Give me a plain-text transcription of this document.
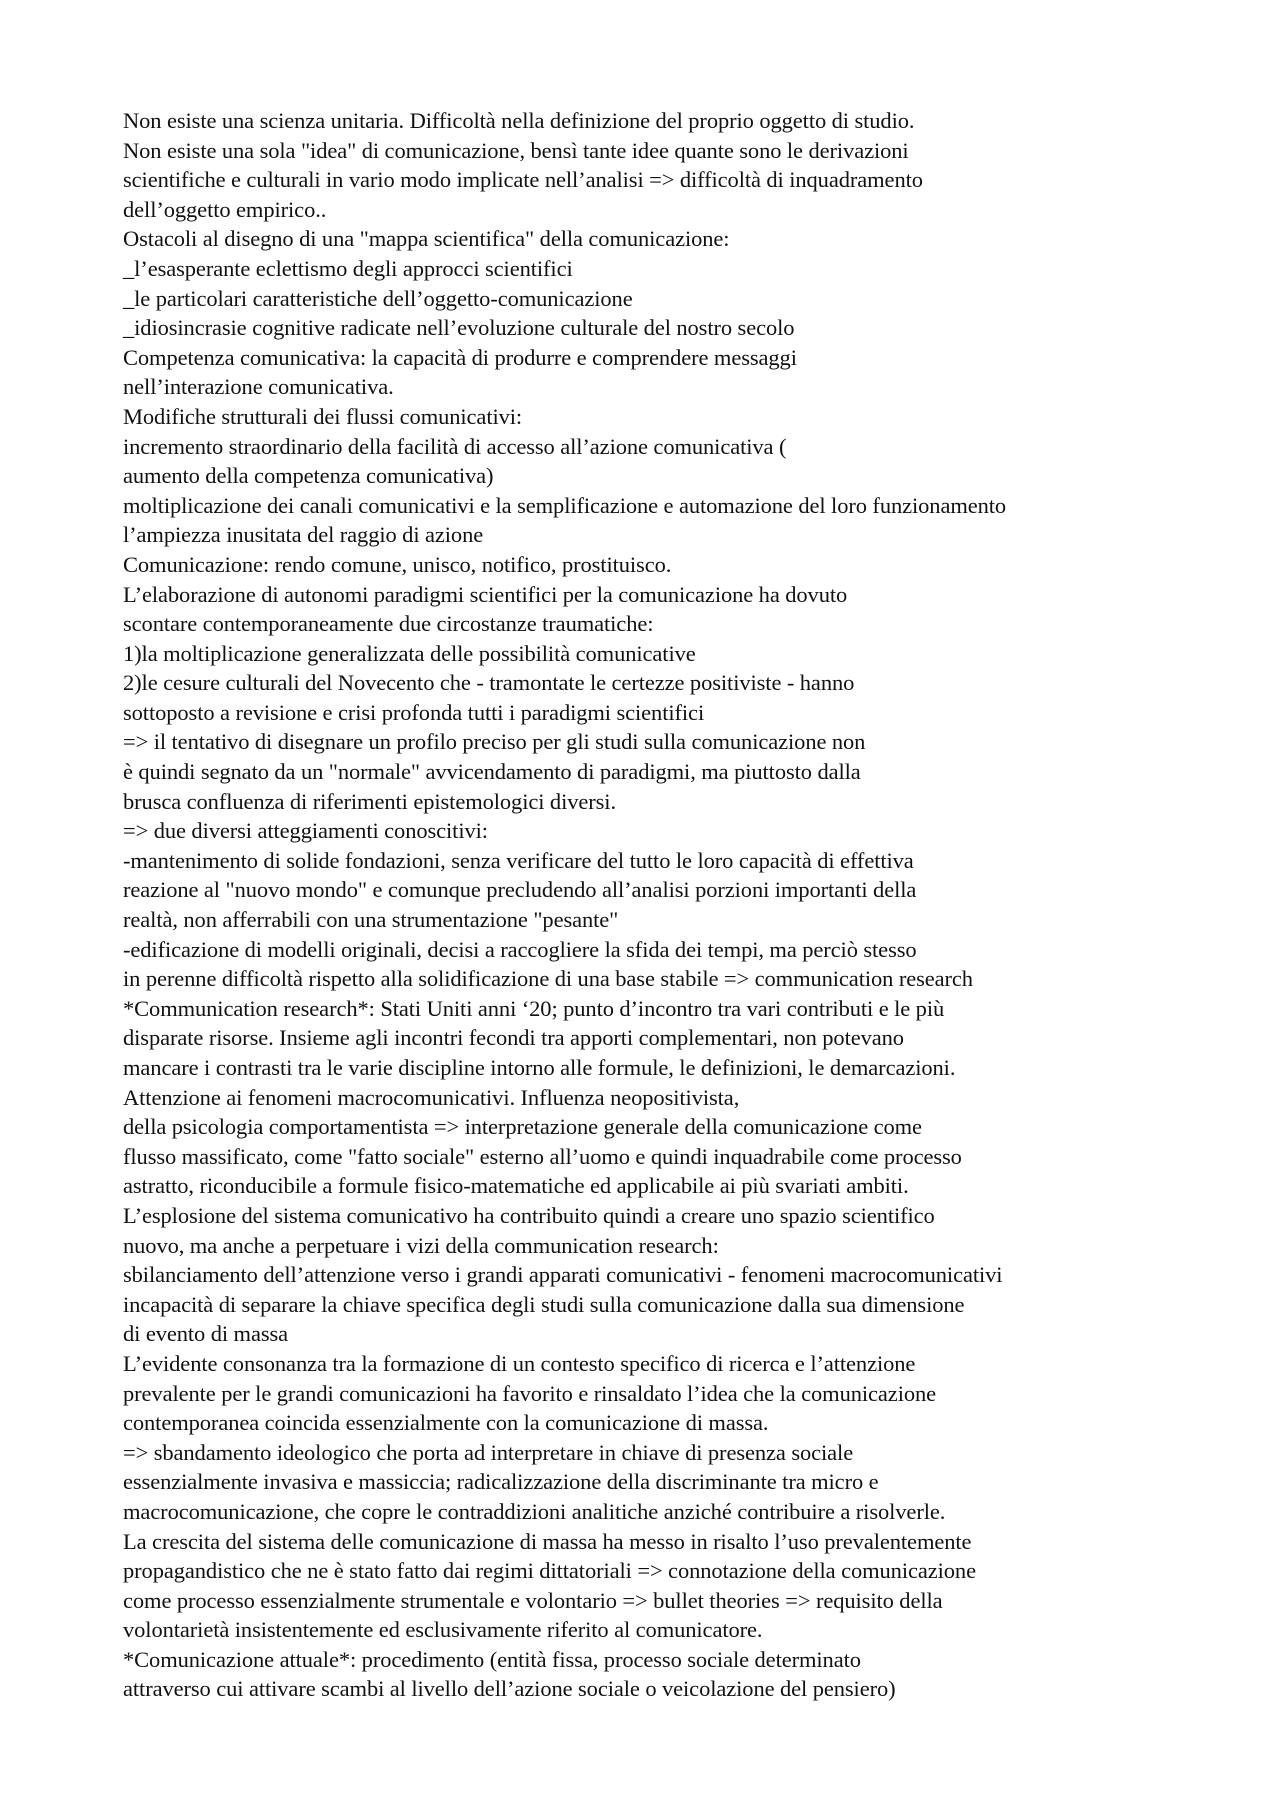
Non esiste una scienza unitaria. Difficoltà nella definizione del proprio oggetto di studio.
Non esiste una sola "idea" di comunicazione, bensì tante idee quante sono le derivazioni
scientifiche e culturali in vario modo implicate nell’analisi => difficoltà di inquadramento
dell’oggetto empirico..
Ostacoli al disegno di una "mappa scientifica" della comunicazione:
_l’esasperante eclettismo degli approcci scientifici
_le particolari caratteristiche dell’oggetto-comunicazione
_idiosincrasie cognitive radicate nell’evoluzione culturale del nostro secolo
Competenza comunicativa: la capacità di produrre e comprendere messaggi
nell’interazione comunicativa.
Modifiche strutturali dei flussi comunicativi:
incremento straordinario della facilità di accesso all’azione comunicativa (
aumento della competenza comunicativa)
moltiplicazione dei canali comunicativi e la semplificazione e automazione del loro funzionamento
l’ampiezza inusitata del raggio di azione
Comunicazione: rendo comune, unisco, notifico, prostituisco.
L’elaborazione di autonomi paradigmi scientifici per la comunicazione ha dovuto
scontare contemporaneamente due circostanze traumatiche:
1)la moltiplicazione generalizzata delle possibilità comunicative
2)le cesure culturali del Novecento che - tramontate le certezze positiviste - hanno
sottoposto a revisione e crisi profonda tutti i paradigmi scientifici
=> il tentativo di disegnare un profilo preciso per gli studi sulla comunicazione non
è quindi segnato da un "normale" avvicendamento di paradigmi, ma piuttosto dalla
brusca confluenza di riferimenti epistemologici diversi.
=> due diversi atteggiamenti conoscitivi:
-mantenimento di solide fondazioni, senza verificare del tutto le loro capacità di effettiva
reazione al "nuovo mondo" e comunque precludendo all’analisi porzioni importanti della
realtà, non afferrabili con una strumentazione "pesante"
-edificazione di modelli originali, decisi a raccogliere la sfida dei tempi, ma perciò stesso
in perenne difficoltà rispetto alla solidificazione di una base stabile => communication research
*Communication research*: Stati Uniti anni ‘20; punto d’incontro tra vari contributi e le più
disparate risorse. Insieme agli incontri fecondi tra apporti complementari, non potevano
mancare i contrasti tra le varie discipline intorno alle formule, le definizioni, le demarcazioni.
Attenzione ai fenomeni macrocomunicativi. Influenza neopositivista,
della psicologia comportamentista => interpretazione generale della comunicazione come
flusso massificato, come "fatto sociale" esterno all’uomo e quindi inquadrabile come processo
astratto, riconducibile a formule fisico-matematiche ed applicabile ai più svariati ambiti.
L’esplosione del sistema comunicativo ha contribuito quindi a creare uno spazio scientifico
nuovo, ma anche a perpetuare i vizi della communication research:
sbilanciamento dell’attenzione verso i grandi apparati comunicativi - fenomeni macrocomunicativi
incapacità di separare la chiave specifica degli studi sulla comunicazione dalla sua dimensione
di evento di massa
L’evidente consonanza tra la formazione di un contesto specifico di ricerca e l’attenzione
prevalente per le grandi comunicazioni ha favorito e rinsaldato l’idea che la comunicazione
contemporanea coincida essenzialmente con la comunicazione di massa.
=> sbandamento ideologico che porta ad interpretare in chiave di presenza sociale
essenzialmente invasiva e massiccia; radicalizzazione della discriminante tra micro e
macrocomunicazione, che copre le contraddizioni analitiche anziché contribuire a risolverle.
La crescita del sistema delle comunicazione di massa ha messo in risalto l’uso prevalentemente
propagandistico che ne è stato fatto dai regimi dittatoriali => connotazione della comunicazione
come processo essenzialmente strumentale e volontario => bullet theories => requisito della
volontarietà insistentemente ed esclusivamente riferito al comunicatore.
*Comunicazione attuale*: procedimento (entità fissa, processo sociale determinato
attraverso cui attivare scambi al livello dell’azione sociale o veicolazione del pensiero)
